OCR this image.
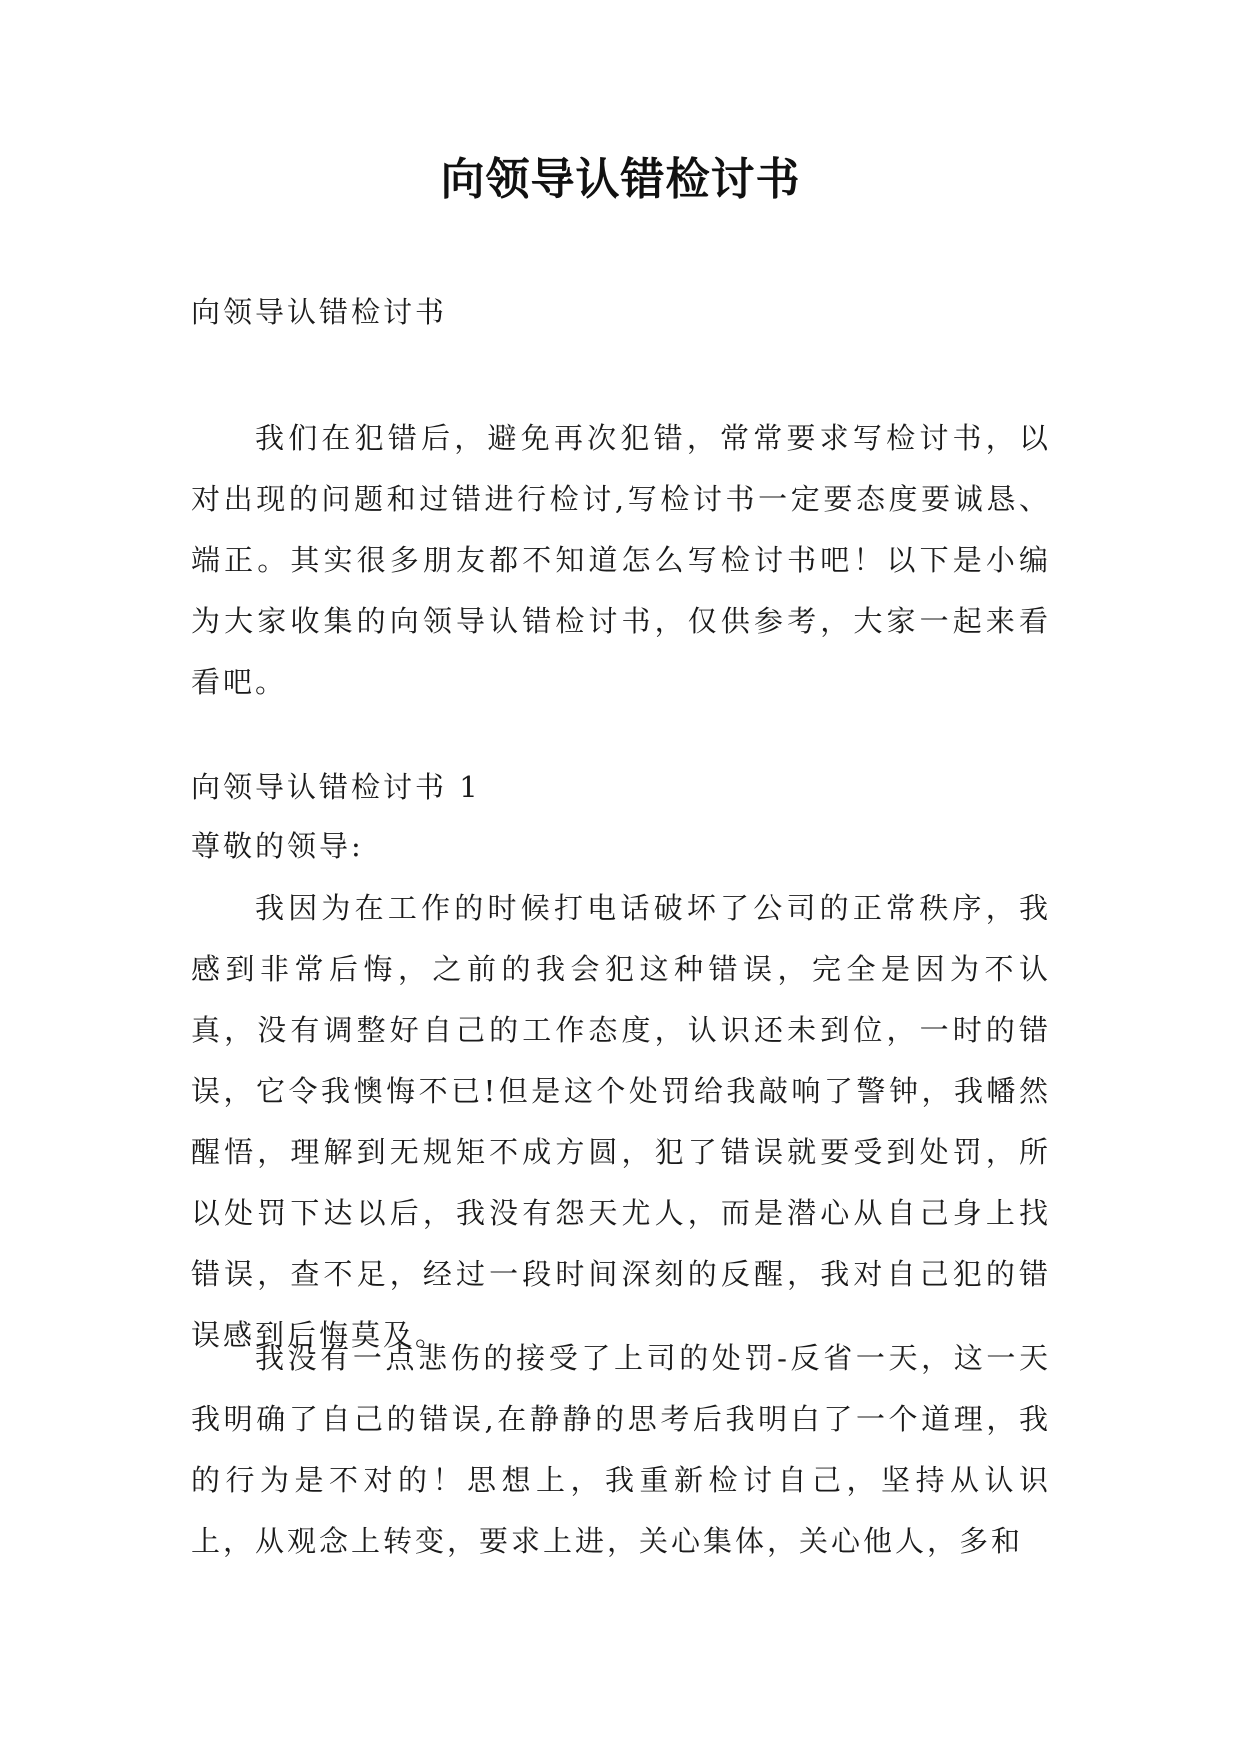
向领导认错检讨书

向领导认错检讨书

我们在犯错后，避免再次犯错，常常要求写检讨书，以对出现的问题和过错进行检讨,写检讨书一定要态度要诚恳、端正。其实很多朋友都不知道怎么写检讨书吧！以下是小编为大家收集的向领导认错检讨书，仅供参考，大家一起来看看吧。

向领导认错检讨书 1

尊敬的领导:

我因为在工作的时候打电话破坏了公司的正常秩序，我感到非常后悔，之前的我会犯这种错误，完全是因为不认真，没有调整好自己的工作态度，认识还未到位，一时的错误，它令我懊悔不已!但是这个处罚给我敲响了警钟，我幡然醒悟，理解到无规矩不成方圆，犯了错误就要受到处罚，所以处罚下达以后，我没有怨天尤人，而是潜心从自己身上找错误，查不足，经过一段时间深刻的反醒，我对自己犯的错误感到后悔莫及。

我没有一点悲伤的接受了上司的处罚-反省一天，这一天我明确了自己的错误,在静静的思考后我明白了一个道理，我的行为是不对的！思想上，我重新检讨自己，坚持从认识上，从观念上转变，要求上进，关心集体，关心他人，多和
